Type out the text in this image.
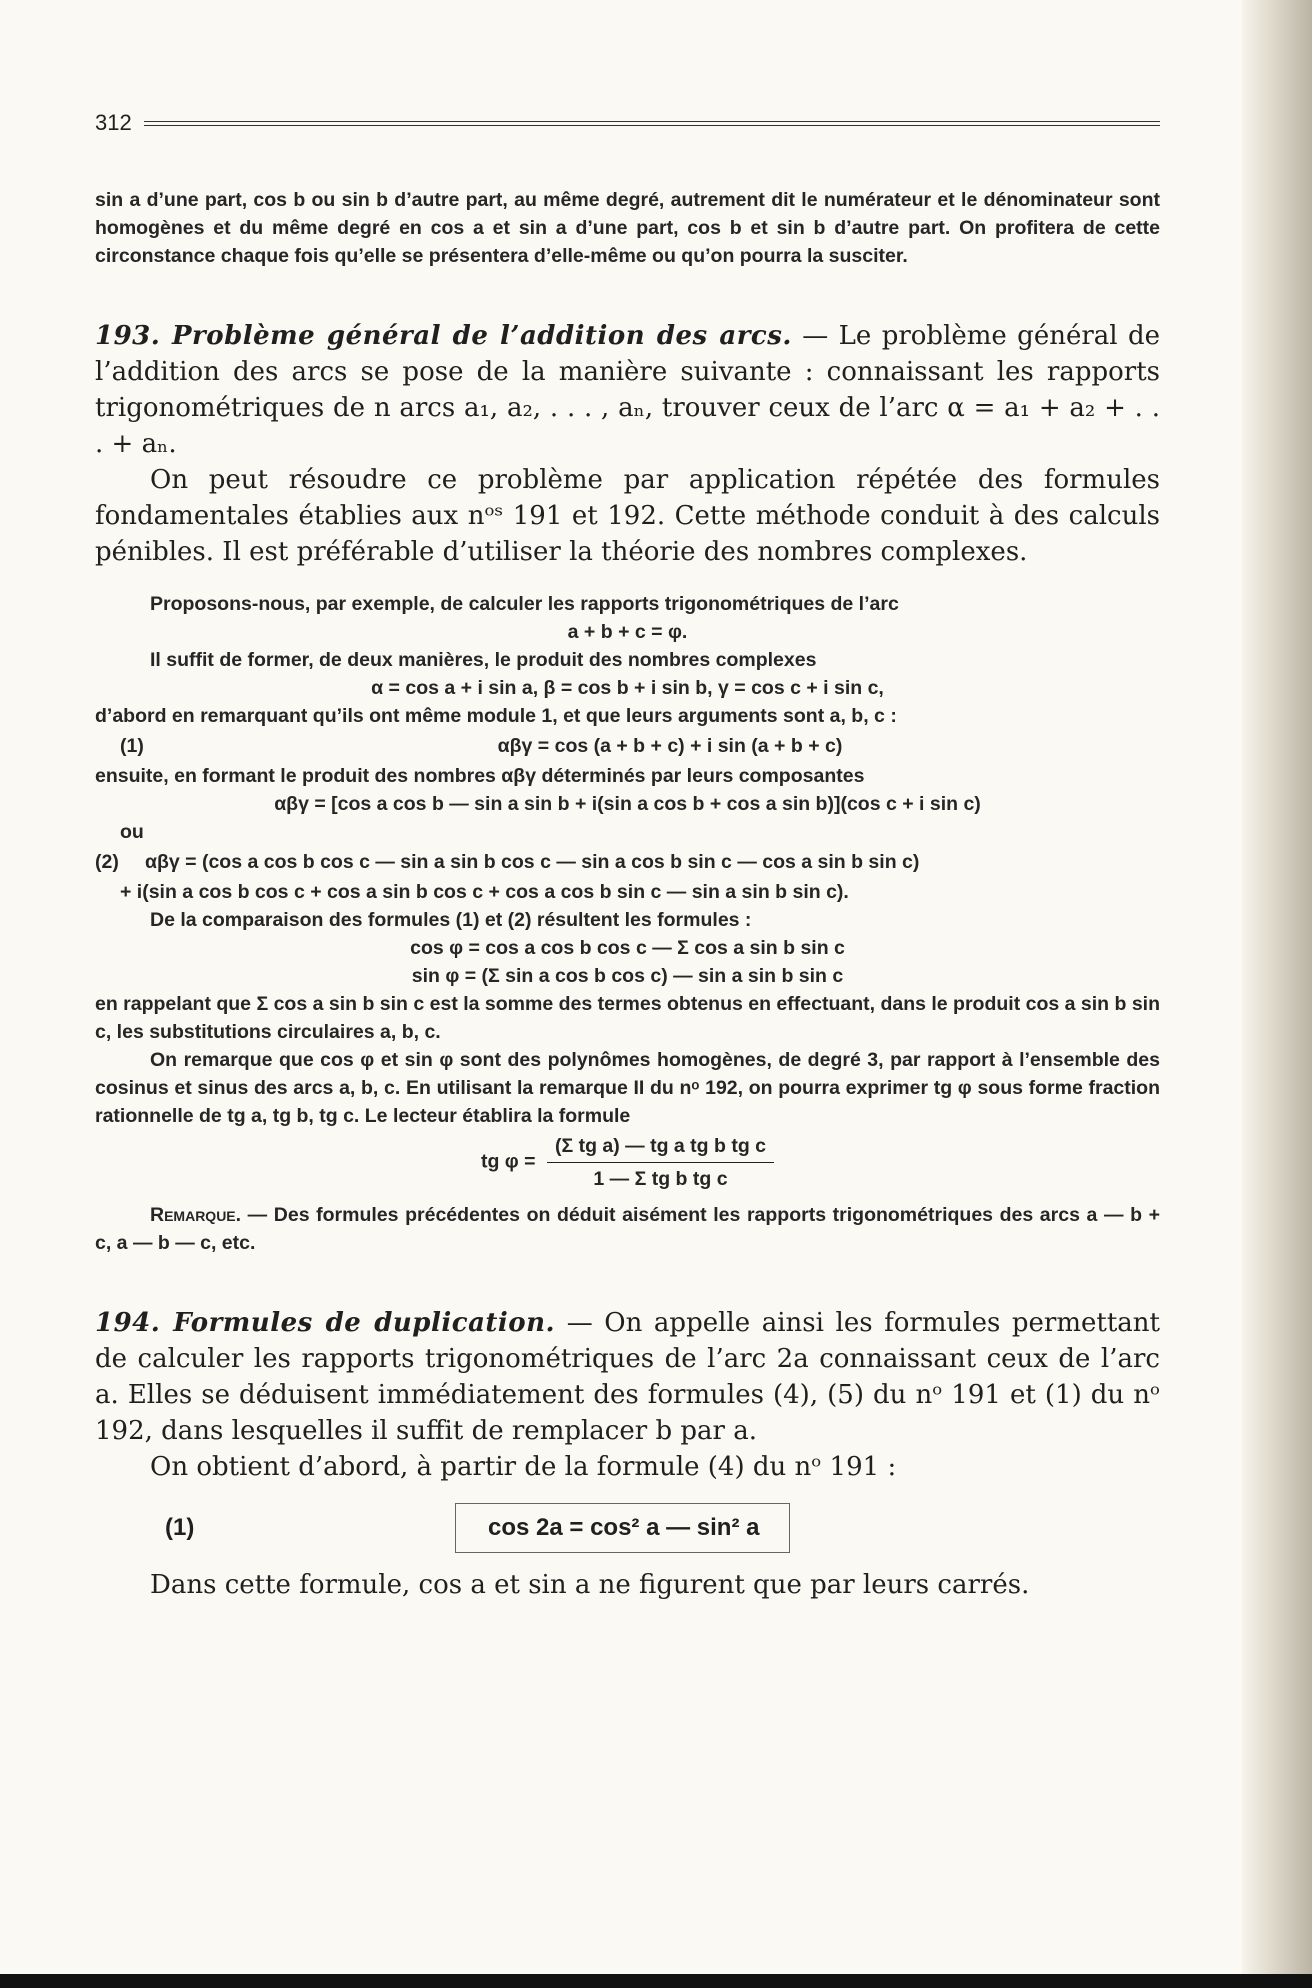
312

sin a d’une part, cos b ou sin b d’autre part, au même degré, autrement dit le numérateur et le dénominateur sont homogènes et du même degré en cos a et sin a d’une part, cos b et sin b d’autre part. On profitera de cette circonstance chaque fois qu’elle se présentera d’elle-même ou qu’on pourra la susciter.

193. Problème général de l’addition des arcs. — Le problème général de l’addition des arcs se pose de la manière suivante : connaissant les rapports trigonométriques de n arcs a₁, a₂, . . . , aₙ, trouver ceux de l’arc α = a₁ + a₂ + . . . + aₙ.

On peut résoudre ce problème par application répétée des formules fondamentales établies aux nᵒˢ 191 et 192. Cette méthode conduit à des calculs pénibles. Il est préférable d’utiliser la théorie des nombres complexes.

Proposons-nous, par exemple, de calculer les rapports trigonométriques de l’arc

a + b + c = φ.

Il suffit de former, de deux manières, le produit des nombres complexes

α = cos a + i sin a, β = cos b + i sin b, γ = cos c + i sin c,

d’abord en remarquant qu’ils ont même module 1, et que leurs arguments sont a, b, c :

(1)	αβγ = cos (a + b + c) + i sin (a + b + c)

ensuite, en formant le produit des nombres αβγ déterminés par leurs composantes

αβγ = [cos a cos b — sin a sin b + i(sin a cos b + cos a sin b)](cos c + i sin c)

ou

(2)	αβγ = (cos a cos b cos c — sin a sin b cos c — sin a cos b sin c — cos a sin b sin c)

+ i(sin a cos b cos c + cos a sin b cos c + cos a cos b sin c — sin a sin b sin c).

De la comparaison des formules (1) et (2) résultent les formules :

cos φ = cos a cos b cos c — Σ cos a sin b sin c

sin φ = (Σ sin a cos b cos c) — sin a sin b sin c

en rappelant que Σ cos a sin b sin c est la somme des termes obtenus en effectuant, dans le produit cos a sin b sin c, les substitutions circulaires a, b, c.

On remarque que cos φ et sin φ sont des polynômes homogènes, de degré 3, par rapport à l’ensemble des cosinus et sinus des arcs a, b, c. En utilisant la remarque II du nᵒ 192, on pourra exprimer tg φ sous forme fraction rationnelle de tg a, tg b, tg c. Le lecteur établira la formule

tg $\varphi = \frac{\text{(Σ tg a) — tg a tg b tg c}}{\text{1 — Σ tg b tg c}}$

Remarque. — Des formules précédentes on déduit aisément les rapports trigonométriques des arcs a — b + c, a — b — c, etc.

194. Formules de duplication. — On appelle ainsi les formules permettant de calculer les rapports trigonométriques de l’arc 2a connaissant ceux de l’arc a. Elles se déduisent immédiatement des formules (4), (5) du nᵒ 191 et (1) du nᵒ 192, dans lesquelles il suffit de remplacer b par a.

On obtient d’abord, à partir de la formule (4) du nᵒ 191 :

(1)	cos 2a = cos² a — sin² a

Dans cette formule, cos a et sin a ne figurent que par leurs carrés.
